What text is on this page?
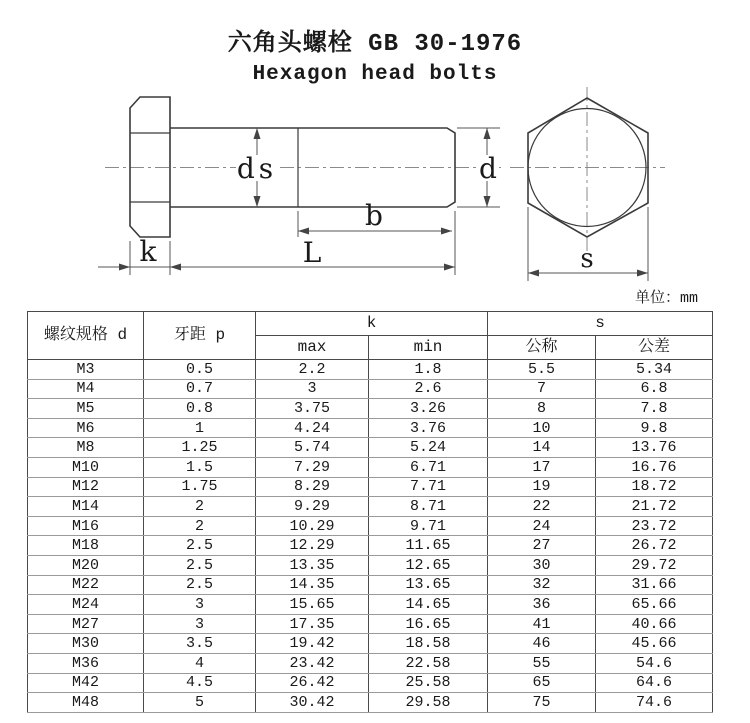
六角头螺栓 GB 30-1976
Hexagon head bolts
ds	d
b
k	L	s
单位：mm
螺纹规格 d	牙距 p	k		s	
		max	min	公称	公差
M3	0.5	2.2	1.8	5.5	5.34
M4	0.7	3	2.6	7	6.8
M5	0.8	3.75	3.26	8	7.8
M6	1	4.24	3.76	10	9.8
M8	1.25	5.74	5.24	14	13.76
M10	1.5	7.29	6.71	17	16.76
M12	1.75	8.29	7.71	19	18.72
M14	2	9.29	8.71	22	21.72
M16	2	10.29	9.71	24	23.72
M18	2.5	12.29	11.65	27	26.72
M20	2.5	13.35	12.65	30	29.72
M22	2.5	14.35	13.65	32	31.66
M24	3	15.65	14.65	36	65.66
M27	3	17.35	16.65	41	40.66
M30	3.5	19.42	18.58	46	45.66
M36	4	23.42	22.58	55	54.6
M42	4.5	26.42	25.58	65	64.6
M48	5	30.42	29.58	75	74.6
